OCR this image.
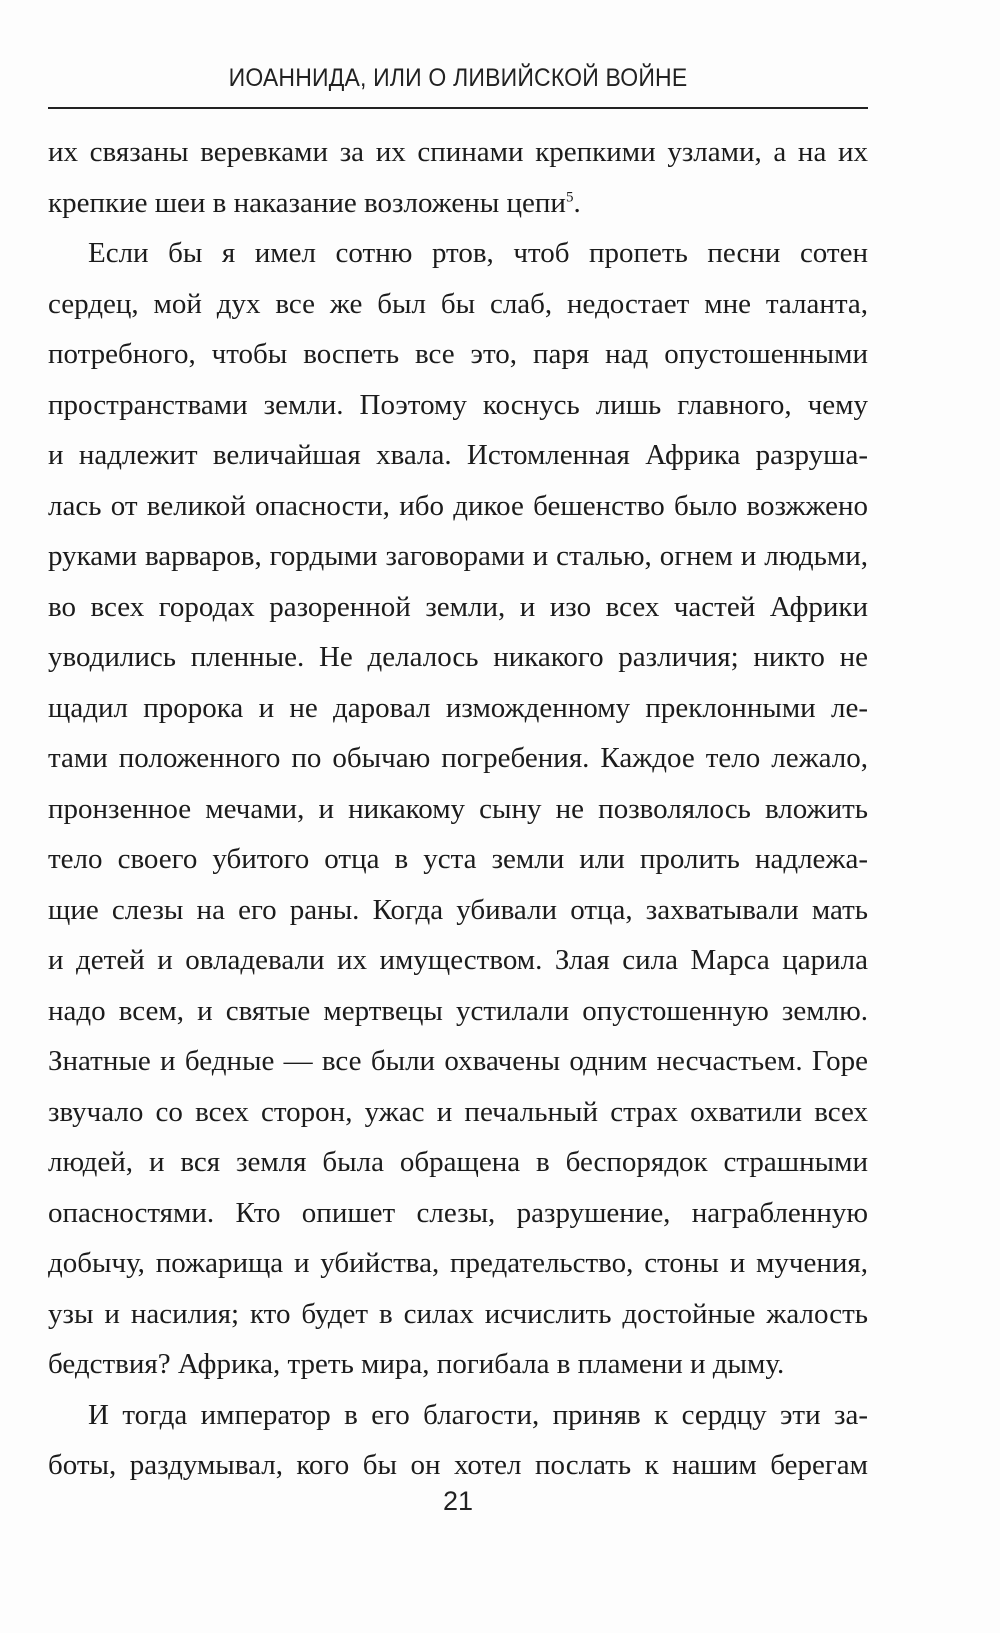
ИОАННИДА, ИЛИ О ЛИВИЙСКОЙ ВОЙНЕ

их связаны веревками за их спинами крепкими узлами, а на их
крепкие шеи в наказание возложены цепи$^5$.

Если бы я имел сотню ртов, чтоб пропеть песни сотен
сердец, мой дух все же был бы слаб, недостает мне таланта,
потребного, чтобы воспеть все это, паря над опустошенными
пространствами земли. Поэтому коснусь лишь главного, чему
и надлежит величайшая хвала. Истомленная Африка разруша-
лась от великой опасности, ибо дикое бешенство было возжжено
руками варваров, гордыми заговорами и сталью, огнем и людьми,
во всех городах разоренной земли, и изо всех частей Африки
уводились пленные. Не делалось никакого различия; никто не
щадил пророка и не даровал изможденному преклонными ле-
тами положенного по обычаю погребения. Каждое тело лежало,
пронзенное мечами, и никакому сыну не позволялось вложить
тело своего убитого отца в уста земли или пролить надлежа-
щие слезы на его раны. Когда убивали отца, захватывали мать
и детей и овладевали их имуществом. Злая сила Марса царила
надо всем, и святые мертвецы устилали опустошенную землю.
Знатные и бедные — все были охвачены одним несчастьем. Горе
звучало со всех сторон, ужас и печальный страх охватили всех
людей, и вся земля была обращена в беспорядок страшными
опасностями. Кто опишет слезы, разрушение, награбленную
добычу, пожарища и убийства, предательство, стоны и мучения,
узы и насилия; кто будет в силах исчислить достойные жалость
бедствия? Африка, треть мира, погибала в пламени и дыму.

И тогда император в его благости, приняв к сердцу эти за-
боты, раздумывал, кого бы он хотел послать к нашим берегам

21
